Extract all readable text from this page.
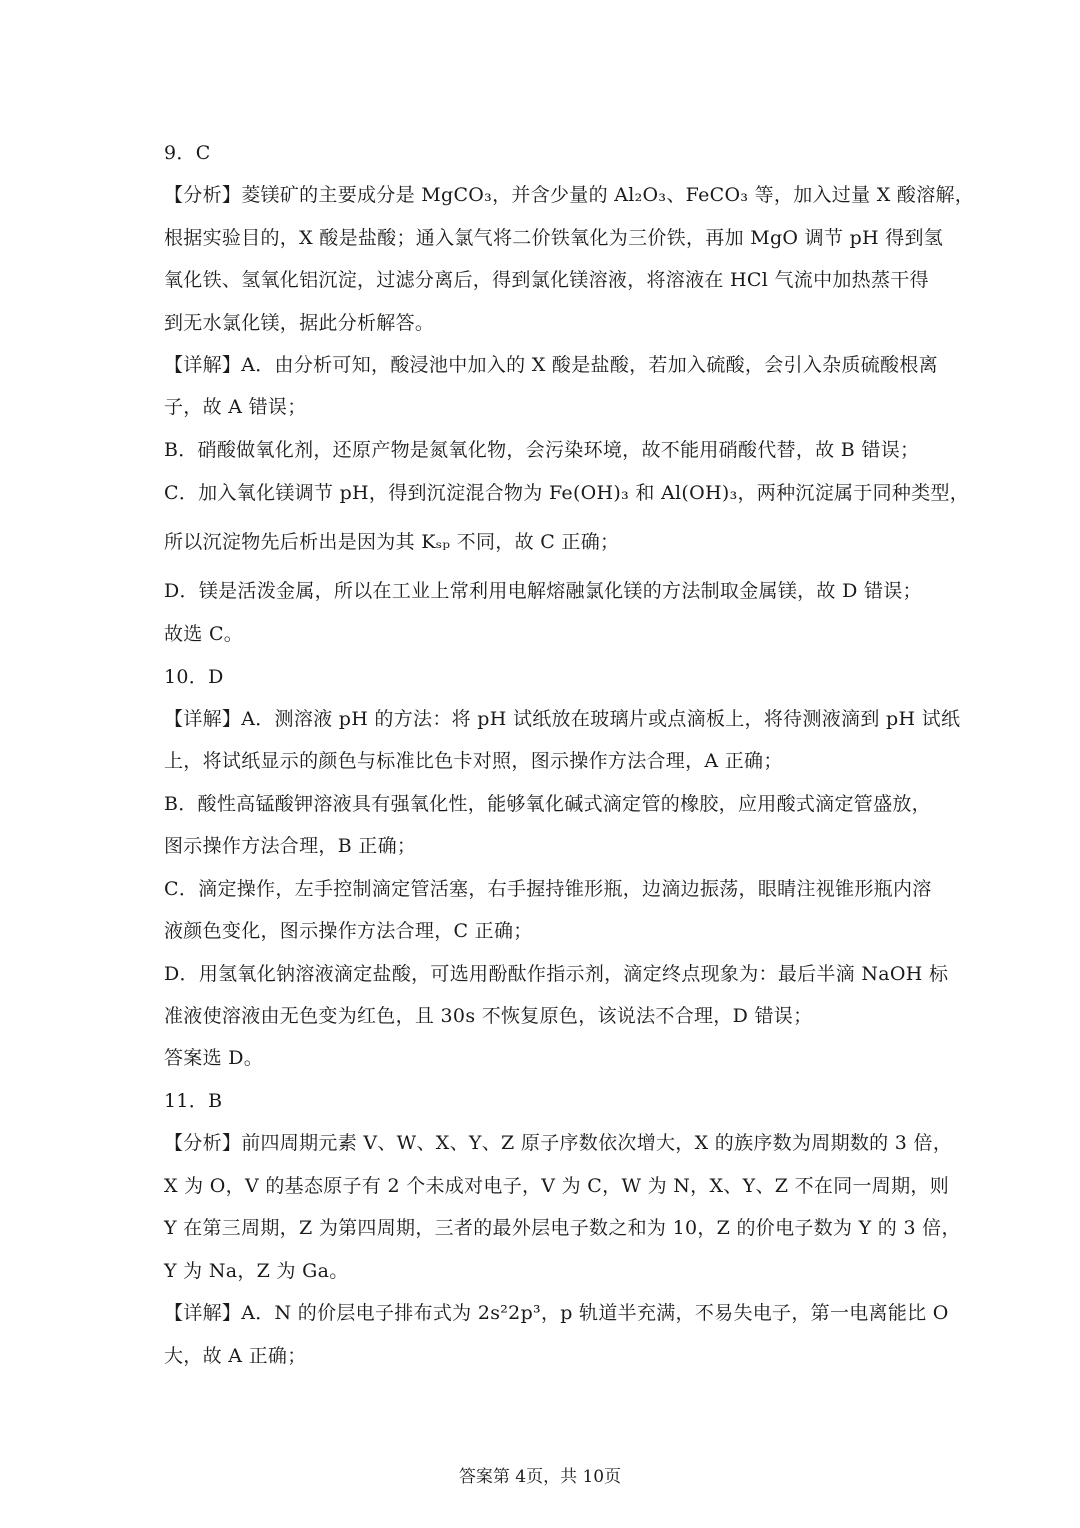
9．C
【分析】菱镁矿的主要成分是 MgCO₃，并含少量的 Al₂O₃、FeCO₃ 等，加入过量 X 酸溶解，
根据实验目的，X 酸是盐酸；通入氯气将二价铁氧化为三价铁，再加 MgO 调节 pH 得到氢
氧化铁、氢氧化铝沉淀，过滤分离后，得到氯化镁溶液，将溶液在 HCl 气流中加热蒸干得
到无水氯化镁，据此分析解答。
【详解】A．由分析可知，酸浸池中加入的 X 酸是盐酸，若加入硫酸，会引入杂质硫酸根离
子，故 A 错误；
B．硝酸做氧化剂，还原产物是氮氧化物，会污染环境，故不能用硝酸代替，故 B 错误；
C．加入氧化镁调节 pH，得到沉淀混合物为 Fe(OH)₃ 和 Al(OH)₃，两种沉淀属于同种类型，
所以沉淀物先后析出是因为其 Kₛₚ 不同，故 C 正确；
D．镁是活泼金属，所以在工业上常利用电解熔融氯化镁的方法制取金属镁，故 D 错误；
故选 C。
10．D
【详解】A．测溶液 pH 的方法：将 pH 试纸放在玻璃片或点滴板上，将待测液滴到 pH 试纸
上，将试纸显示的颜色与标准比色卡对照，图示操作方法合理，A 正确；
B．酸性高锰酸钾溶液具有强氧化性，能够氧化碱式滴定管的橡胶，应用酸式滴定管盛放，
图示操作方法合理，B 正确；
C．滴定操作，左手控制滴定管活塞，右手握持锥形瓶，边滴边振荡，眼睛注视锥形瓶内溶
液颜色变化，图示操作方法合理，C 正确；
D．用氢氧化钠溶液滴定盐酸，可选用酚酞作指示剂，滴定终点现象为：最后半滴 NaOH 标
准液使溶液由无色变为红色，且 30s 不恢复原色，该说法不合理，D 错误；
答案选 D。
11．B
【分析】前四周期元素 V、W、X、Y、Z 原子序数依次增大，X 的族序数为周期数的 3 倍，
X 为 O，V 的基态原子有 2 个未成对电子，V 为 C，W 为 N，X、Y、Z 不在同一周期，则
Y 在第三周期，Z 为第四周期，三者的最外层电子数之和为 10，Z 的价电子数为 Y 的 3 倍，
Y 为 Na，Z 为 Ga。
【详解】A．N 的价层电子排布式为 2s²2p³，p 轨道半充满，不易失电子，第一电离能比 O
大，故 A 正确；
答案第 4页，共 10页
